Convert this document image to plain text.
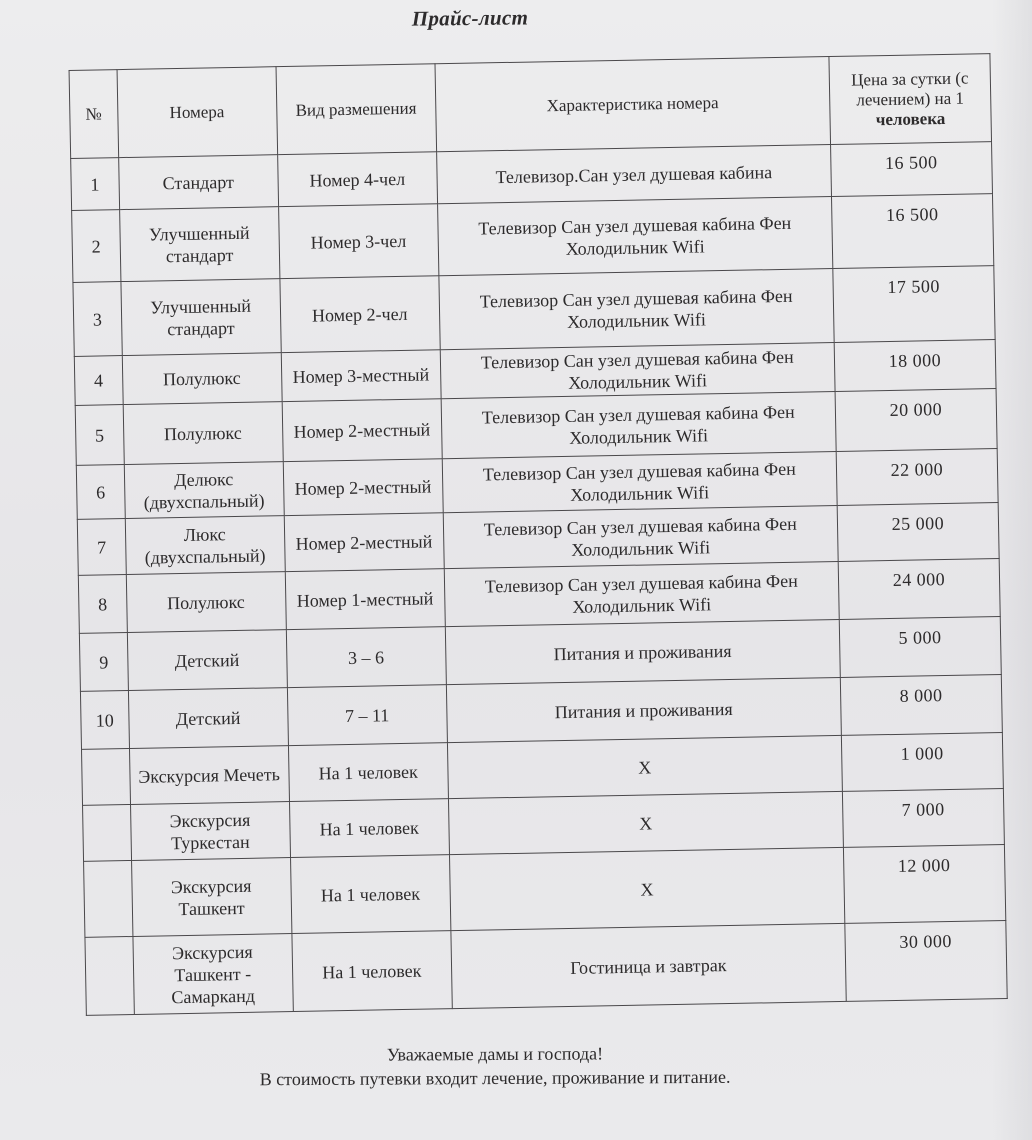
Прайс-лист
№	Номера	Вид размешения	Характеристика номера	Цена за сутки (с лечением) на 1
человека
1	Стандарт	Номер 4-чел	Телевизор.Сан узел душевая кабина	16 500
2	Улучшенный стандарт	Номер 3-чел	Телевизор Сан узел душевая кабина Фен Холодильник Wifi	16 500
3	Улучшенный стандарт	Номер 2-чел	Телевизор Сан узел душевая кабина Фен Холодильник Wifi	17 500
4	Полулюкс	Номер 3-местный	Телевизор Сан узел душевая кабина Фен Холодильник Wifi	18 000
5	Полулюкс	Номер 2-местный	Телевизор Сан узел душевая кабина Фен Холодильник Wifi	20 000
6	Делюкс (двухспальный)	Номер 2-местный	Телевизор Сан узел душевая кабина Фен Холодильник Wifi	22 000
7	Люкс (двухспальный)	Номер 2-местный	Телевизор Сан узел душевая кабина Фен Холодильник Wifi	25 000
8	Полулюкс	Номер 1-местный	Телевизор Сан узел душевая кабина Фен Холодильник Wifi	24 000
9	Детский	3 – 6	Питания и проживания	5 000
10	Детский	7 – 11	Питания и проживания	8 000
	Экскурсия Мечеть	На 1 человек	Х	1 000
	Экскурсия Туркестан	На 1 человек	Х	7 000
	Экскурсия Ташкент	На 1 человек	Х	12 000
	Экскурсия Ташкент - Самарканд	На 1 человек	Гостиница и завтрак	30 000
Уважаемые дамы и господа!
В стоимость путевки входит лечение, проживание и питание.
